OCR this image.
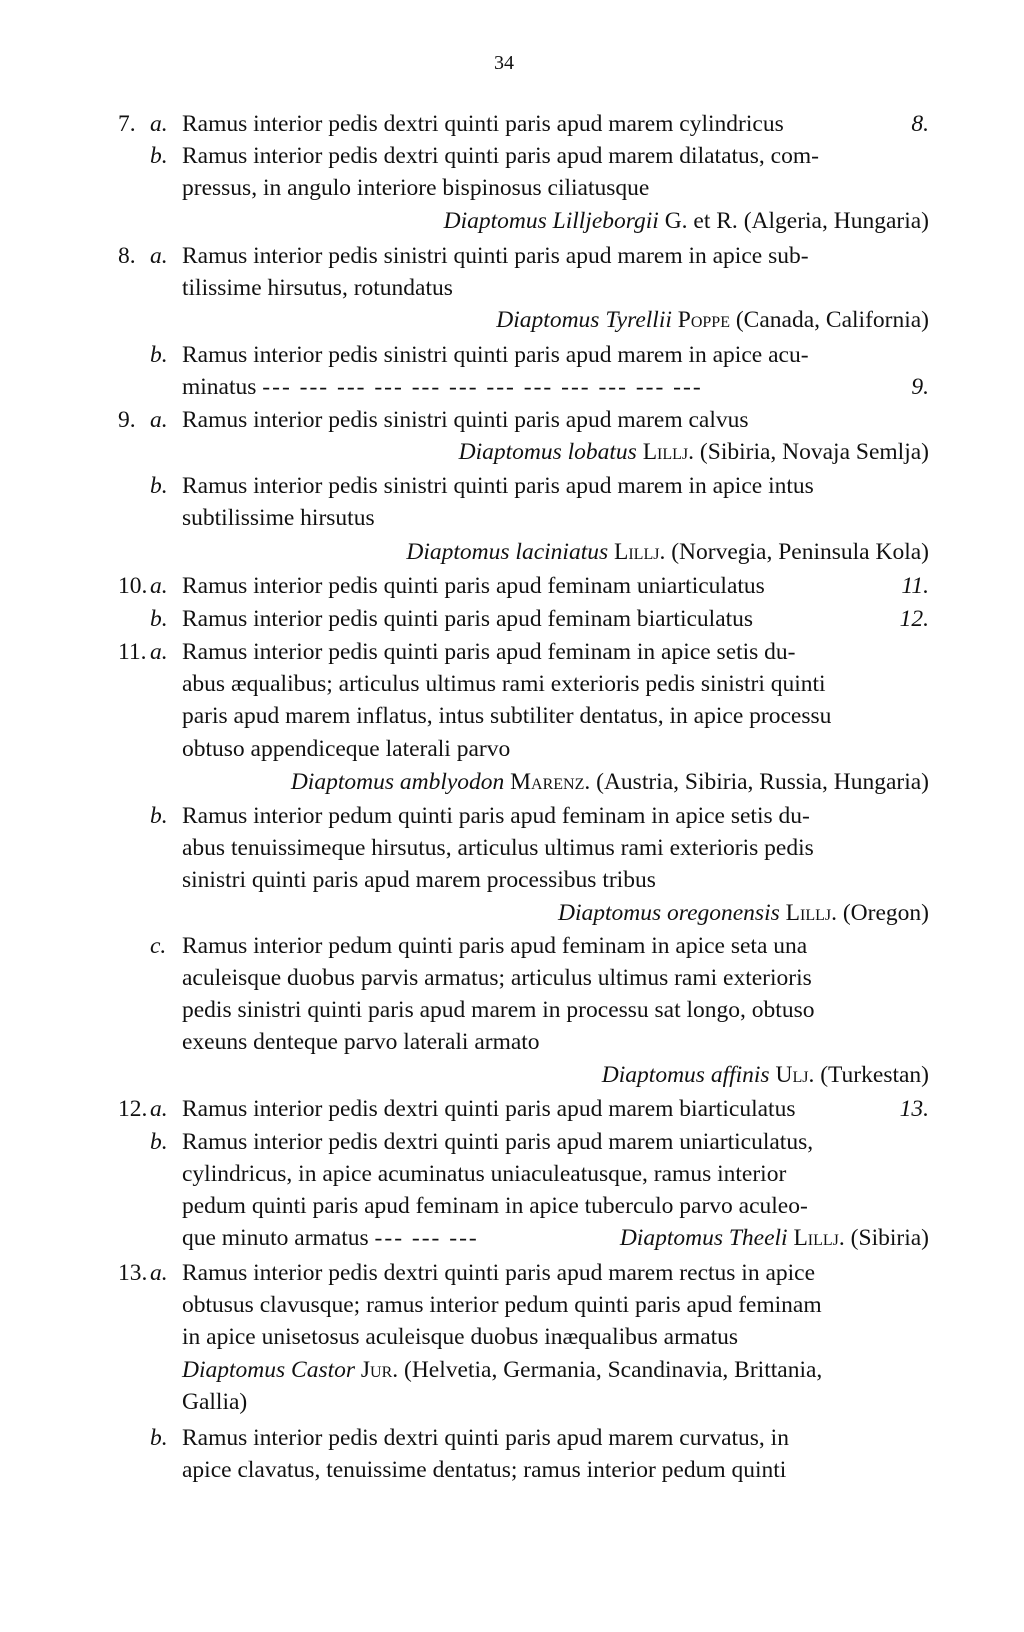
34
7. a. Ramus interior pedis dextri quinti paris apud marem cylindricus	8.
b. Ramus interior pedis dextri quinti paris apud marem dilatatus, com-
pressus, in angulo interiore bispinosus ciliatusque
Diaptomus Lilljeborgii G. et R. (Algeria, Hungaria)
8. a. Ramus interior pedis sinistri quinti paris apud marem in apice sub-
tilissime hirsutus, rotundatus
Diaptomus Tyrellii Poppe (Canada, California)
b. Ramus interior pedis sinistri quinti paris apud marem in apice acu-
minatus --- --- --- --- --- --- --- --- --- --- --- ---	9.
9. a. Ramus interior pedis sinistri quinti paris apud marem calvus
Diaptomus lobatus Lillj. (Sibiria, Novaja Semlja)
b. Ramus interior pedis sinistri quinti paris apud marem in apice intus
subtilissime hirsutus
Diaptomus laciniatus Lillj. (Norvegia, Peninsula Kola)
10. a. Ramus interior pedis quinti paris apud feminam uniarticulatus	11.
b. Ramus interior pedis quinti paris apud feminam biarticulatus	12.
11. a. Ramus interior pedis quinti paris apud feminam in apice setis du-
abus æqualibus; articulus ultimus rami exterioris pedis sinistri quinti
paris apud marem inflatus, intus subtiliter dentatus, in apice processu
obtuso appendiceque laterali parvo
Diaptomus amblyodon Marenz. (Austria, Sibiria, Russia, Hungaria)
b. Ramus interior pedum quinti paris apud feminam in apice setis du-
abus tenuissimeque hirsutus, articulus ultimus rami exterioris pedis
sinistri quinti paris apud marem processibus tribus
Diaptomus oregonensis Lillj. (Oregon)
c. Ramus interior pedum quinti paris apud feminam in apice seta una
aculeisque duobus parvis armatus; articulus ultimus rami exterioris
pedis sinistri quinti paris apud marem in processu sat longo, obtuso
exeuns denteque parvo laterali armato
Diaptomus affinis Ulj. (Turkestan)
12. a. Ramus interior pedis dextri quinti paris apud marem biarticulatus	13.
b. Ramus interior pedis dextri quinti paris apud marem uniarticulatus,
cylindricus, in apice acuminatus uniaculeatusque, ramus interior
pedum quinti paris apud feminam in apice tuberculo parvo aculeo-
que minuto armatus --- --- ---	Diaptomus Theeli Lillj. (Sibiria)
13. a. Ramus interior pedis dextri quinti paris apud marem rectus in apice
obtusus clavusque; ramus interior pedum quinti paris apud feminam
in apice unisetosus aculeisque duobus inæqualibus armatus
Diaptomus Castor Jur. (Helvetia, Germania, Scandinavia, Brittania,
Gallia)
b. Ramus interior pedis dextri quinti paris apud marem curvatus, in
apice clavatus, tenuissime dentatus; ramus interior pedum quinti
